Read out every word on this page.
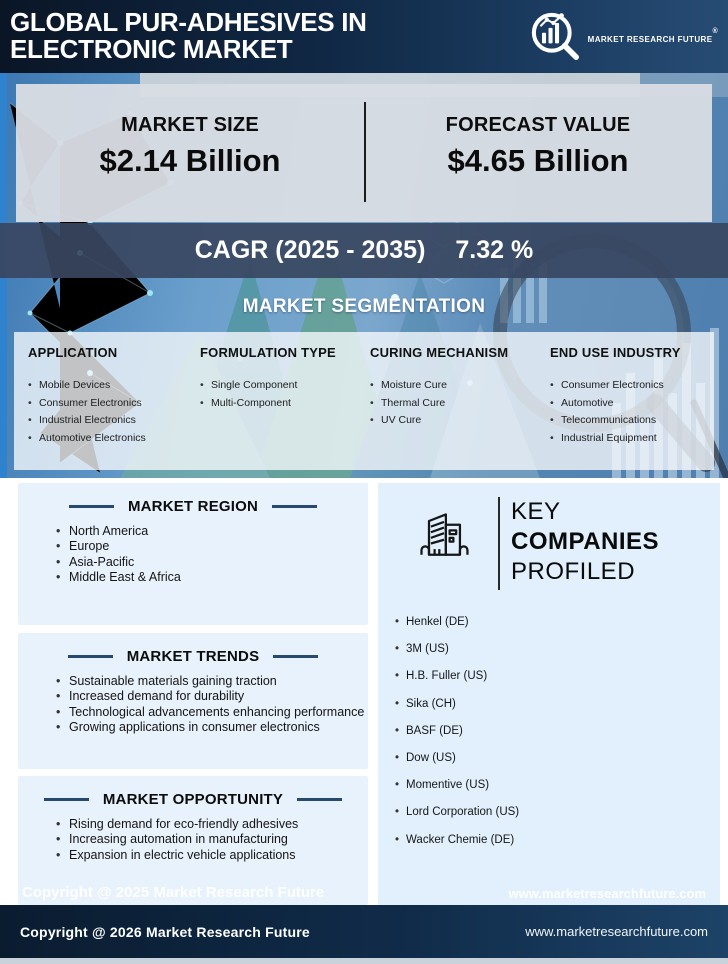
GLOBAL PUR-ADHESIVES IN
ELECTRONIC MARKET	MARKET RESEARCH FUTURE®
MARKET SIZE
$2.14 Billion
FORECAST VALUE
$4.65 Billion
CAGR (2025 - 2035) 7.32 %
MARKET SEGMENTATION
APPLICATION
• Mobile Devices
• Consumer Electronics
• Industrial Electronics
• Automotive Electronics
FORMULATION TYPE
• Single Component
• Multi-Component
CURING MECHANISM
• Moisture Cure
• Thermal Cure
• UV Cure
END USE INDUSTRY
• Consumer Electronics
• Automotive
• Telecommunications
• Industrial Equipment
MARKET REGION
• North America
• Europe
• Asia-Pacific
• Middle East & Africa
MARKET TRENDS
• Sustainable materials gaining traction
• Increased demand for durability
• Technological advancements enhancing performance
• Growing applications in consumer electronics
MARKET OPPORTUNITY
• Rising demand for eco-friendly adhesives
• Increasing automation in manufacturing
• Expansion in electric vehicle applications
KEY
COMPANIES
PROFILED
• Henkel (DE)
• 3M (US)
• H.B. Fuller (US)
• Sika (CH)
• BASF (DE)
• Dow (US)
• Momentive (US)
• Lord Corporation (US)
• Wacker Chemie (DE)
Copyright @ 2025 Market Research Future	www.marketresearchfuture.com
Copyright @ 2026 Market Research Future	www.marketresearchfuture.com
